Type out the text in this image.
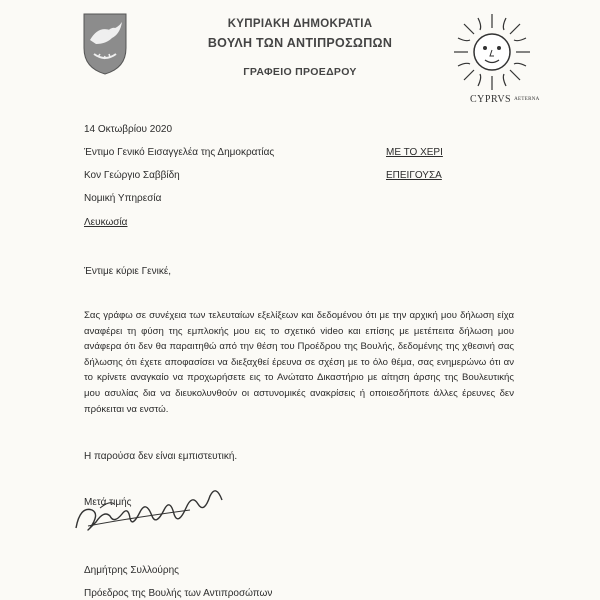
ΚΥΠΡΙΑΚΗ ΔΗΜΟΚΡΑΤΙΑ
ΒΟΥΛΗ ΤΩΝ ΑΝΤΙΠΡΟΣΩΠΩΝ
ΓΡΑΦΕΙΟ ΠΡΟΕΔΡΟΥ
CYPRVS $^{AETERNA}$
14 Οκτωβρίου 2020
Έντιμο Γενικό Εισαγγελέα της Δημοκρατίας
Κον Γεώργιο Σαββίδη
Νομική Υπηρεσία
Λευκωσία
ΜΕ ΤΟ ΧΕΡΙ
ΕΠΕΙΓΟΥΣΑ
Έντιμε κύριε Γενικέ,
Σας γράφω σε συνέχεια των τελευταίων εξελίξεων και δεδομένου ότι με την αρχική μου δήλωση είχα αναφέρει τη φύση της εμπλοκής μου εις το σχετικό video και επίσης με μετέπειτα δήλωση μου ανάφερα ότι δεν θα παραιτηθώ από την θέση του Προέδρου της Βουλής, δεδομένης της χθεσινή σας δήλωσης ότι έχετε αποφασίσει να διεξαχθεί έρευνα σε σχέση με το όλο θέμα, σας ενημερώνω ότι αν το κρίνετε αναγκαίο να προχωρήσετε εις το Ανώτατο Δικαστήριο με αίτηση άρσης της Βουλευτικής μου ασυλίας δια να διευκολυνθούν οι αστυνομικές ανακρίσεις ή οποιεσδήποτε άλλες έρευνες δεν πρόκειται να ενστώ.
Η παρούσα δεν είναι εμπιστευτική.
Μετά τιμής
Δημήτρης Συλλούρης
Πρόεδρος της Βουλής των Αντιπροσώπων
